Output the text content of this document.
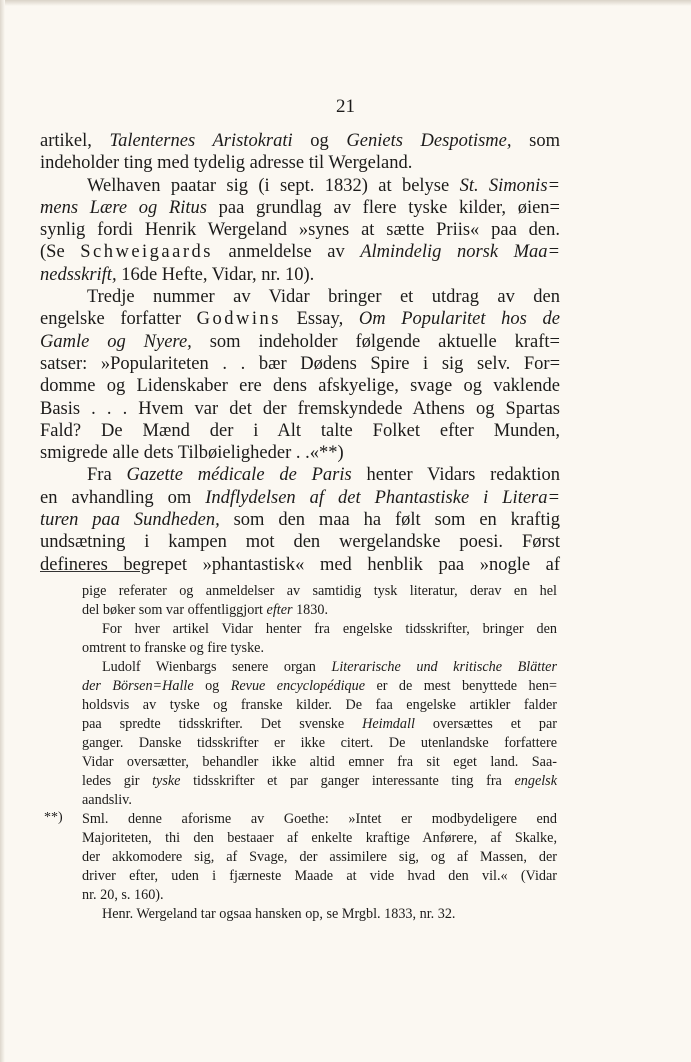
21
artikel, Talenternes Aristokrati og Geniets Despotisme, som
indeholder ting med tydelig adresse til Wergeland.
Welhaven paatar sig (i sept. 1832) at belyse St. Simonis=
mens Lære og Ritus paa grundlag av flere tyske kilder, øien=
synlig fordi Henrik Wergeland »synes at sætte Priis« paa den.
(Se Schweigaards anmeldelse av Almindelig norsk Maa=
nedsskrift, 16de Hefte, Vidar, nr. 10).
Tredje nummer av Vidar bringer et utdrag av den
engelske forfatter Godwins Essay, Om Popularitet hos de
Gamle og Nyere, som indeholder følgende aktuelle kraft=
satser: »Populariteten . . bær Dødens Spire i sig selv. For=
domme og Lidenskaber ere dens afskyelige, svage og vaklende
Basis . . . Hvem var det der fremskyndede Athens og Spartas
Fald? De Mænd der i Alt talte Folket efter Munden,
smigrede alle dets Tilbøieligheder . .«**)
Fra Gazette médicale de Paris henter Vidars redaktion
en avhandling om Indflydelsen af det Phantastiske i Litera=
turen paa Sundheden, som den maa ha følt som en kraftig
undsætning i kampen mot den wergelandske poesi. Først
defineres begrepet »phantastisk« med henblik paa »nogle af
pige referater og anmeldelser av samtidig tysk literatur, derav en hel
del bøker som var offentliggjort efter 1830.
For hver artikel Vidar henter fra engelske tidsskrifter, bringer den
omtrent to franske og fire tyske.
Ludolf Wienbargs senere organ Literarische und kritische Blätter
der Börsen=Halle og Revue encyclopédique er de mest benyttede hen=
holdsvis av tyske og franske kilder. De faa engelske artikler falder
paa spredte tidsskrifter. Det svenske Heimdall oversættes et par
ganger. Danske tidsskrifter er ikke citert. De utenlandske forfattere
Vidar oversætter, behandler ikke altid emner fra sit eget land. Saa-
ledes gir tyske tidsskrifter et par ganger interessante ting fra engelsk
aandsliv.
**) Sml. denne aforisme av Goethe: »Intet er modbydeligere end
Majoriteten, thi den bestaaer af enkelte kraftige Anførere, af Skalke,
der akkomodere sig, af Svage, der assimilere sig, og af Massen, der
driver efter, uden i fjærneste Maade at vide hvad den vil.« (Vidar
nr. 20, s. 160).
Henr. Wergeland tar ogsaa hansken op, se Mrgbl. 1833, nr. 32.
